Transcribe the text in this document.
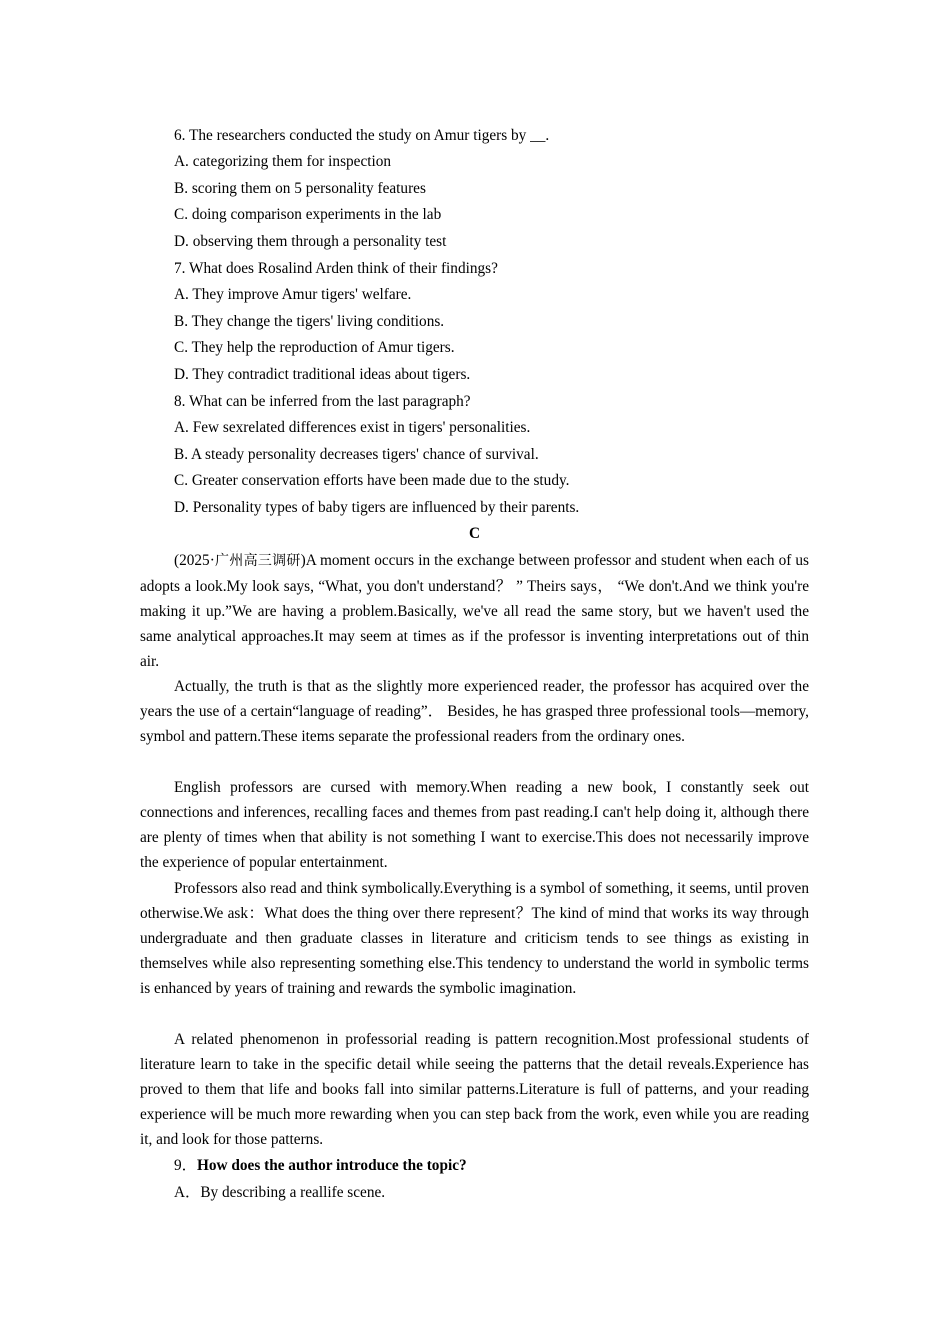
6. The researchers conducted the study on Amur tigers by __.
A. categorizing them for inspection
B. scoring them on 5 personality features
C. doing comparison experiments in the lab
D. observing them through a personality test
7. What does Rosalind Arden think of their findings?
A. They improve Amur tigers' welfare.
B. They change the tigers' living conditions.
C. They help the reproduction of Amur tigers.
D. They contradict traditional ideas about tigers.
8. What can be inferred from the last paragraph?
A. Few sexrelated differences exist in tigers' personalities.
B. A steady personality decreases tigers' chance of survival.
C. Greater conservation efforts have been made due to the study.
D. Personality types of baby tigers are influenced by their parents.
C
(2025·广州高三调研)A moment occurs in the exchange between professor and student when each of us adopts a look.My look says, “What, you don't understand？ ” Theirs says， “We don't.And we think you're making it up.”We are having a problem.Basically, we've all read the same story, but we haven't used the same analytical approaches.It may seem at times as if the professor is inventing interpretations out of thin air.
Actually, the truth is that as the slightly more experienced reader, the professor has acquired over the years the use of a certain“language of reading”． Besides, he has grasped three professional tools—memory, symbol and pattern.These items separate the professional readers from the ordinary ones.
English professors are cursed with memory.When reading a new book, I constantly seek out connections and inferences, recalling faces and themes from past reading.I can't help doing it, although there are plenty of times when that ability is not something I want to exercise.This does not necessarily improve the experience of popular entertainment.
Professors also read and think symbolically.Everything is a symbol of something, it seems, until proven otherwise.We ask：What does the thing over there represent？The kind of mind that works its way through undergraduate and then graduate classes in literature and criticism tends to see things as existing in themselves while also representing something else.This tendency to understand the world in symbolic terms is enhanced by years of training and rewards the symbolic imagination.
A related phenomenon in professorial reading is pattern recognition.Most professional students of literature learn to take in the specific detail while seeing the patterns that the detail reveals.Experience has proved to them that life and books fall into similar patterns.Literature is full of patterns, and your reading experience will be much more rewarding when you can step back from the work, even while you are reading it, and look for those patterns.
9．How does the author introduce the topic?
A．By describing a reallife scene.
